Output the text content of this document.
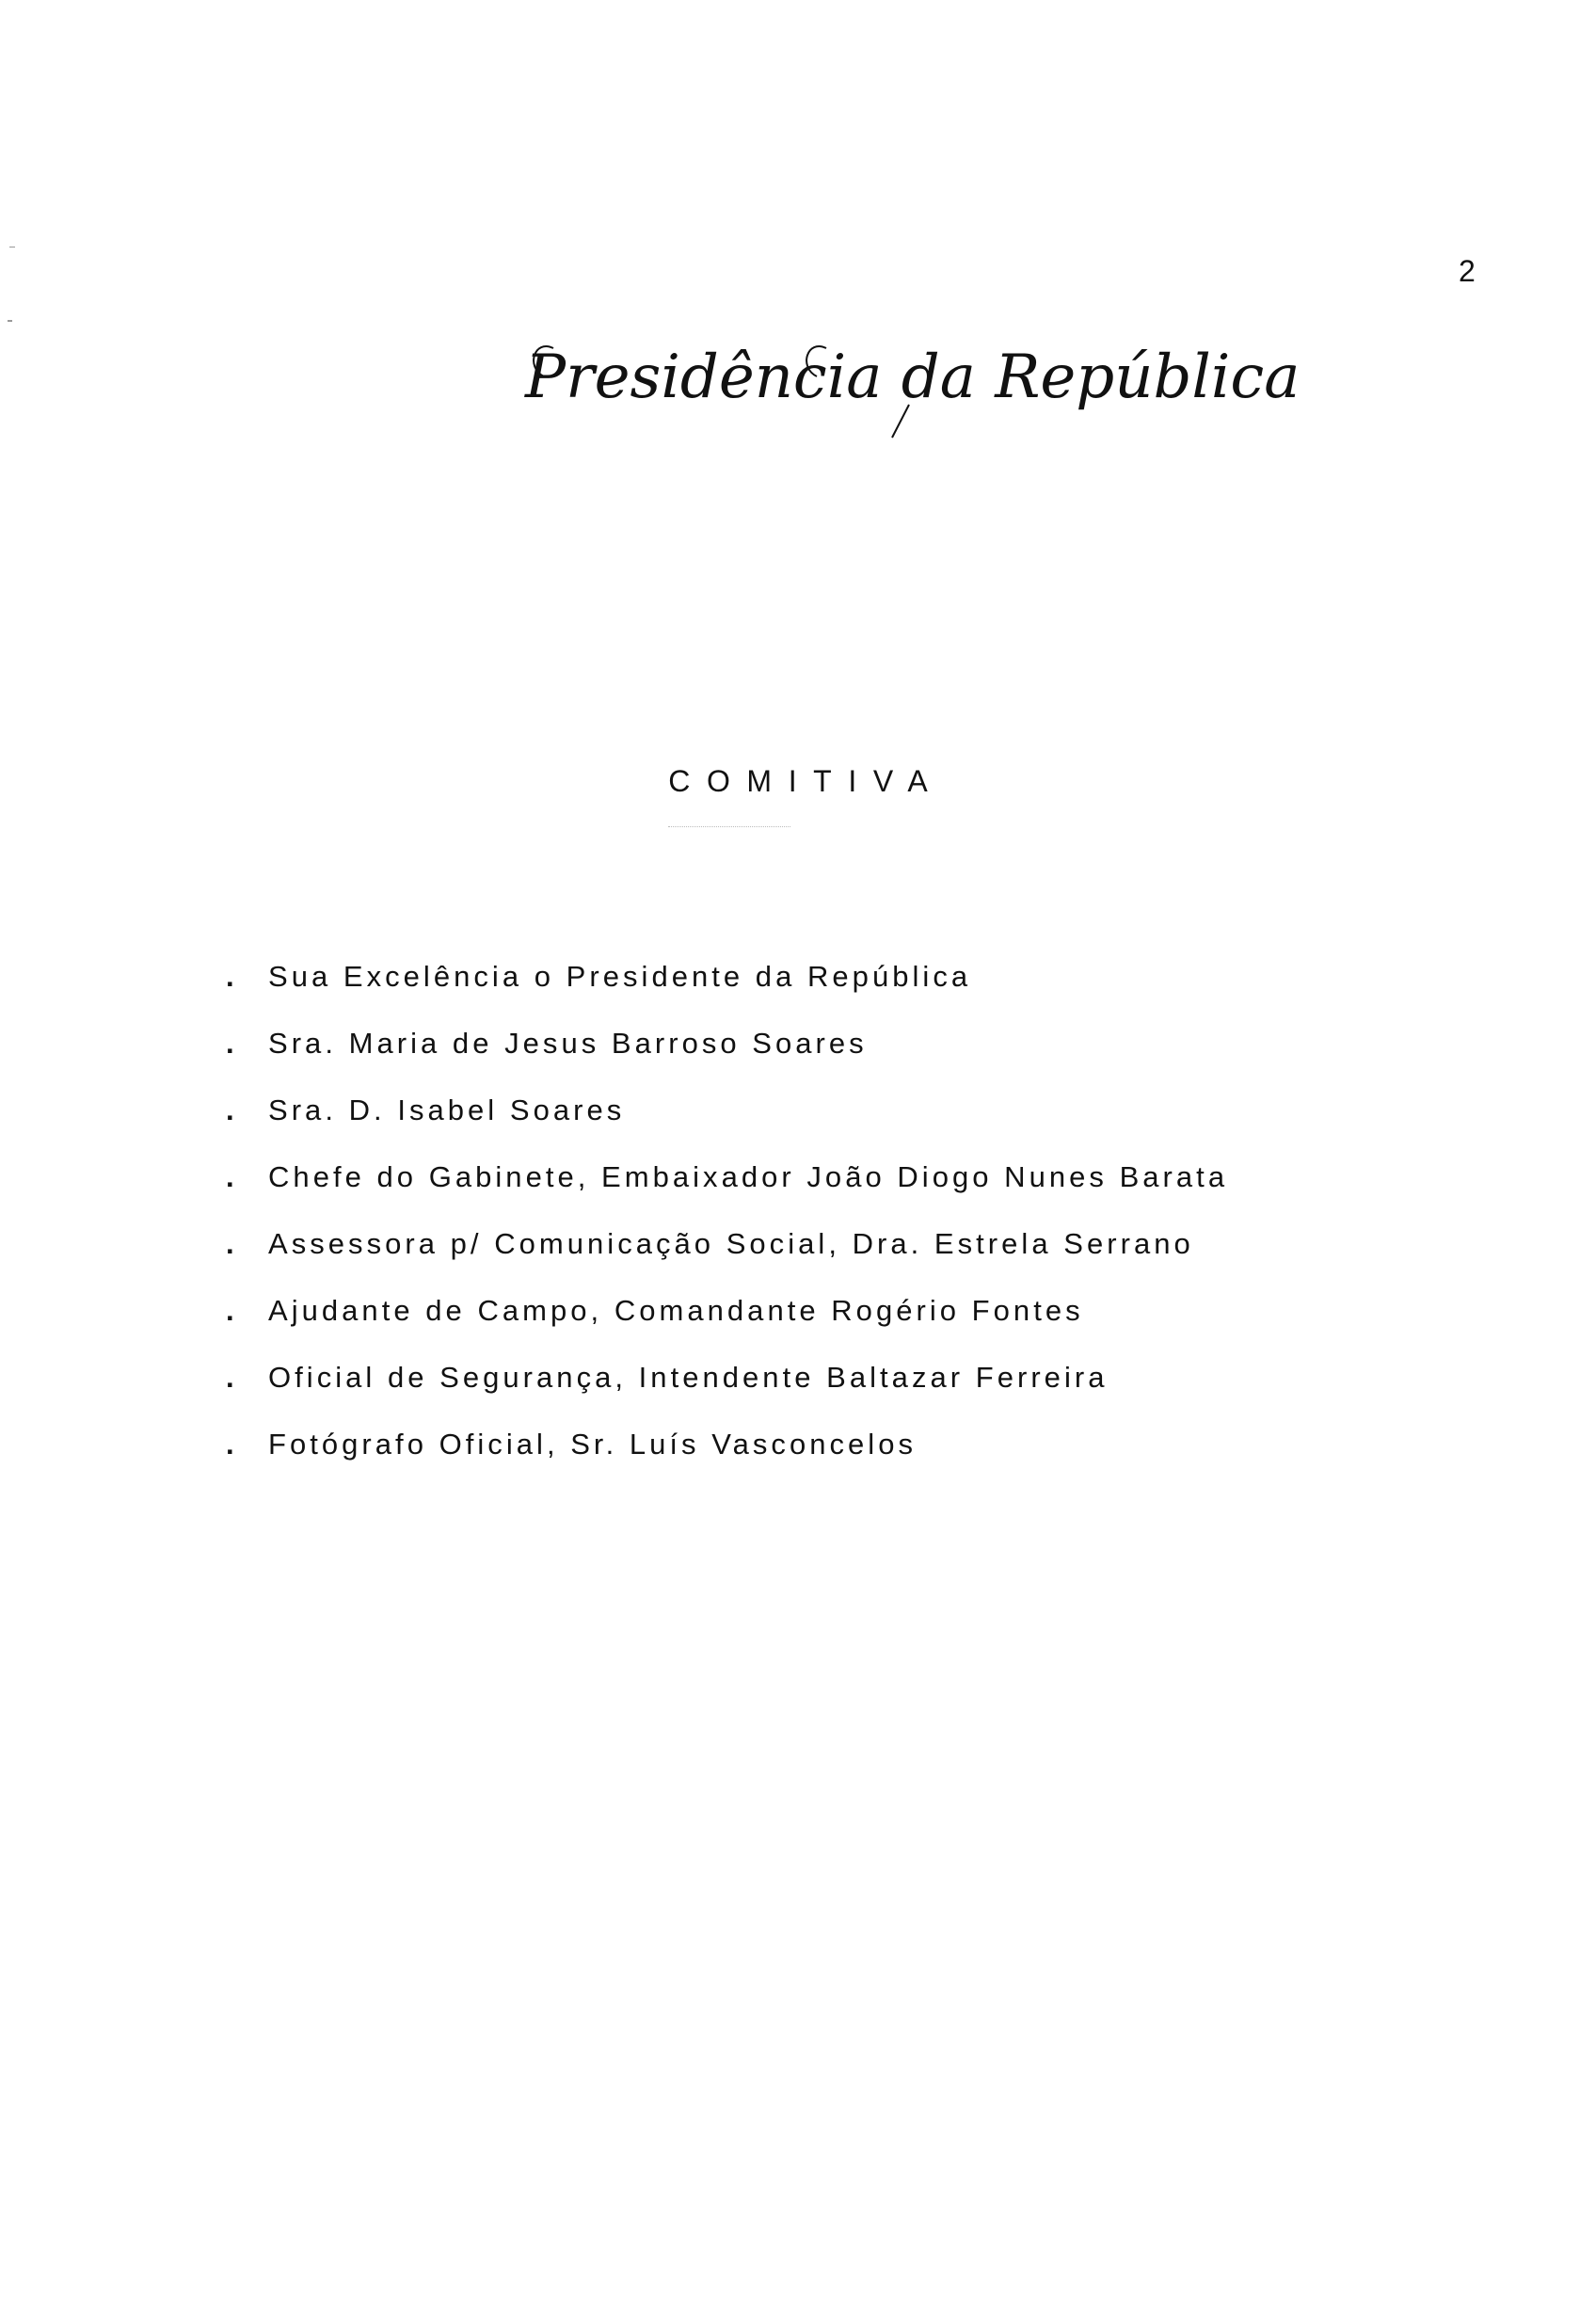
2
Presidência da República
COMITIVA
.	Sua Excelência o Presidente da República
.	Sra. Maria de Jesus Barroso Soares
.	Sra. D. Isabel Soares
.	Chefe do Gabinete, Embaixador João Diogo Nunes Barata
.	Assessora p/ Comunicação Social, Dra. Estrela Serrano
.	Ajudante de Campo, Comandante Rogério Fontes
.	Oficial de Segurança, Intendente Baltazar Ferreira
.	Fotógrafo Oficial, Sr. Luís Vasconcelos
